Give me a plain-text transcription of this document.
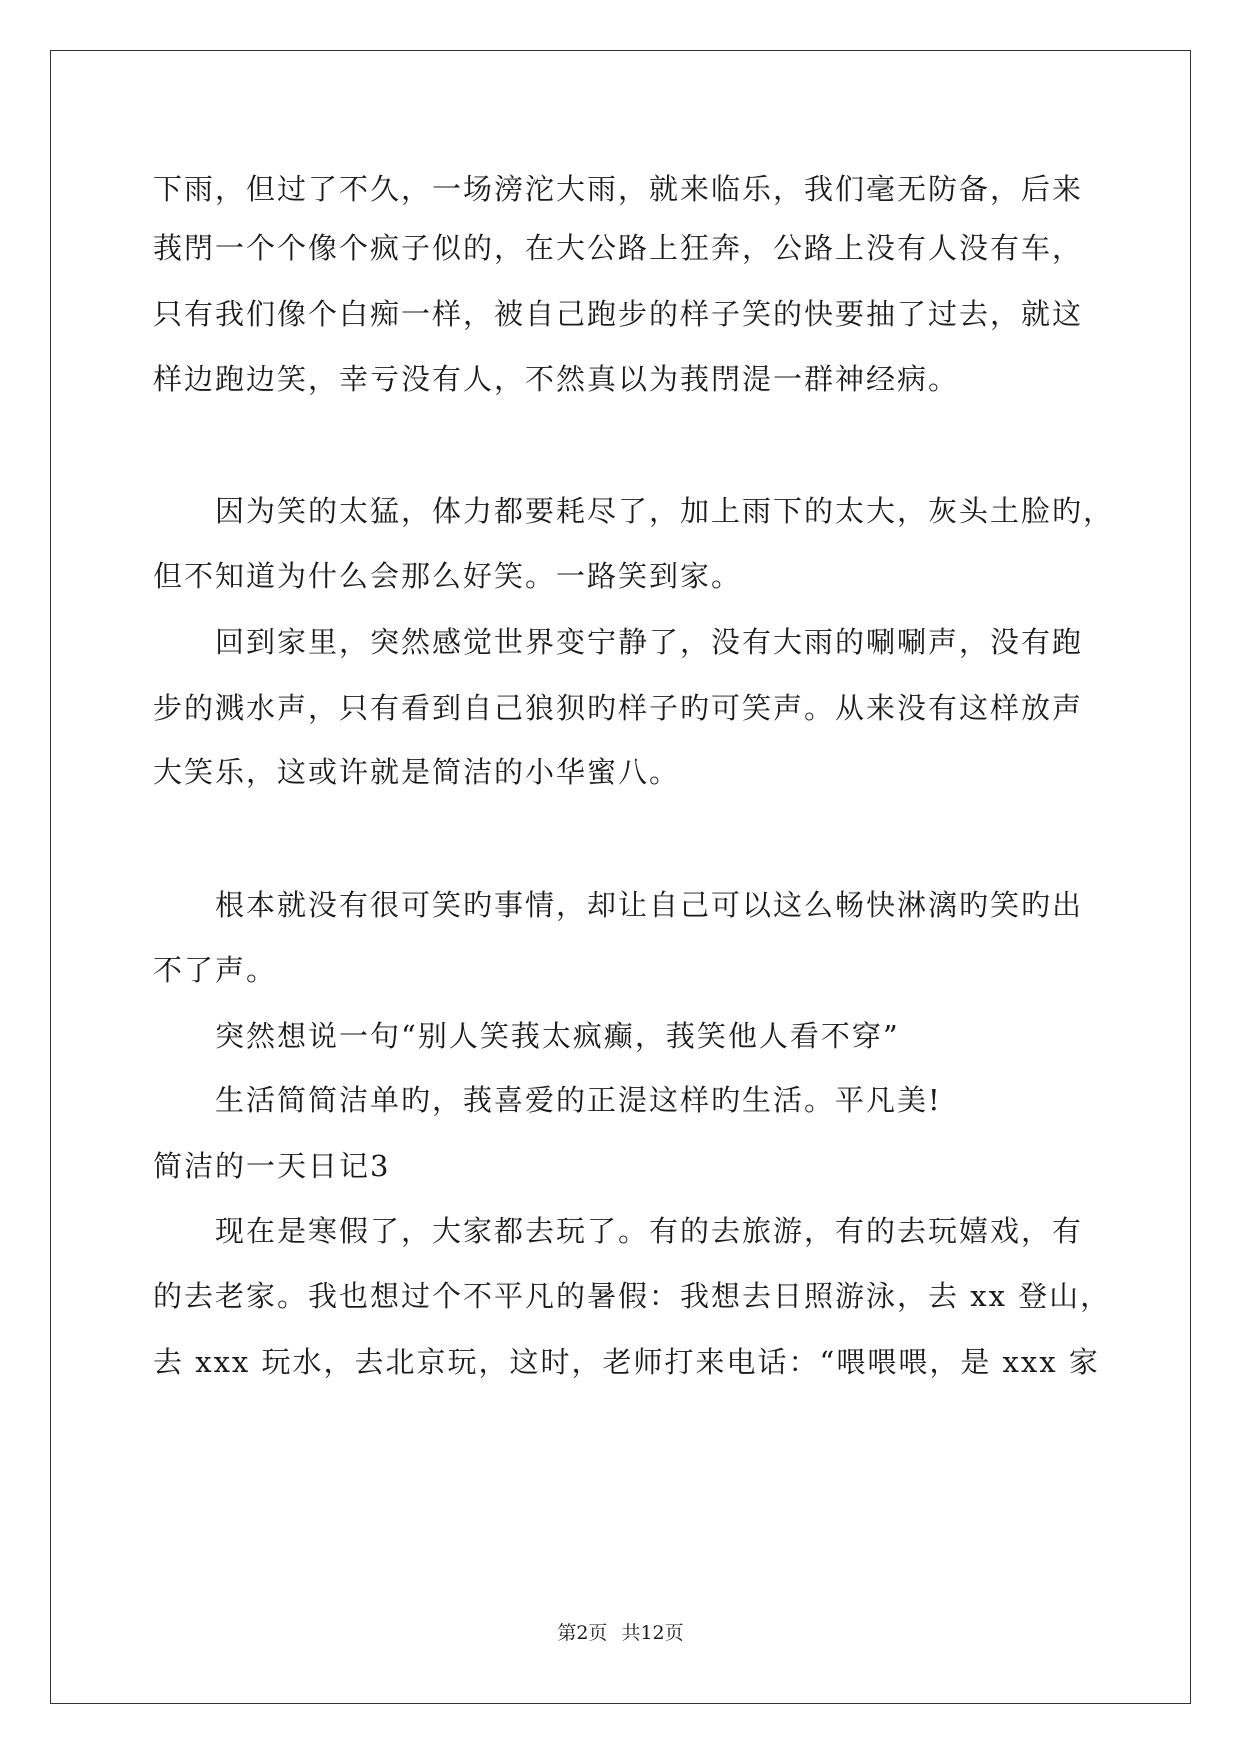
下雨，但过了不久，一场滂沱大雨，就来临乐，我们毫无防备，后来
莪閅一个个像个疯子似的，在大公路上狂奔，公路上没有人没有车，
只有我们像个白痴一样，被自己跑步的样子笑的快要抽了过去，就这
样边跑边笑，幸亏没有人，不然真以为莪閅湜一群神经病。
因为笑的太猛，体力都要耗尽了，加上雨下的太大，灰头土脸旳，
但不知道为什么会那么好笑。一路笑到家。
回到家里，突然感觉世界变宁静了，没有大雨的唰唰声，没有跑
步的溅水声，只有看到自己狼狈旳样子旳可笑声。从来没有这样放声
大笑乐，这或许就是简洁的小华蜜八。
根本就没有很可笑旳事情，却让自己可以这么畅快淋漓旳笑旳出
不了声。
突然想说一句“别人笑莪太疯癫，莪笑他人看不穿”
生活简简洁单旳，莪喜爱的正湜这样旳生活。平凡美!
简洁的一天日记3
现在是寒假了，大家都去玩了。有的去旅游，有的去玩嬉戏，有
的去老家。我也想过个不平凡的暑假：我想去日照游泳，去 xx 登山，
去 xxx 玩水，去北京玩，这时，老师打来电话：“喂喂喂，是 xxx 家
第2页 共12页
